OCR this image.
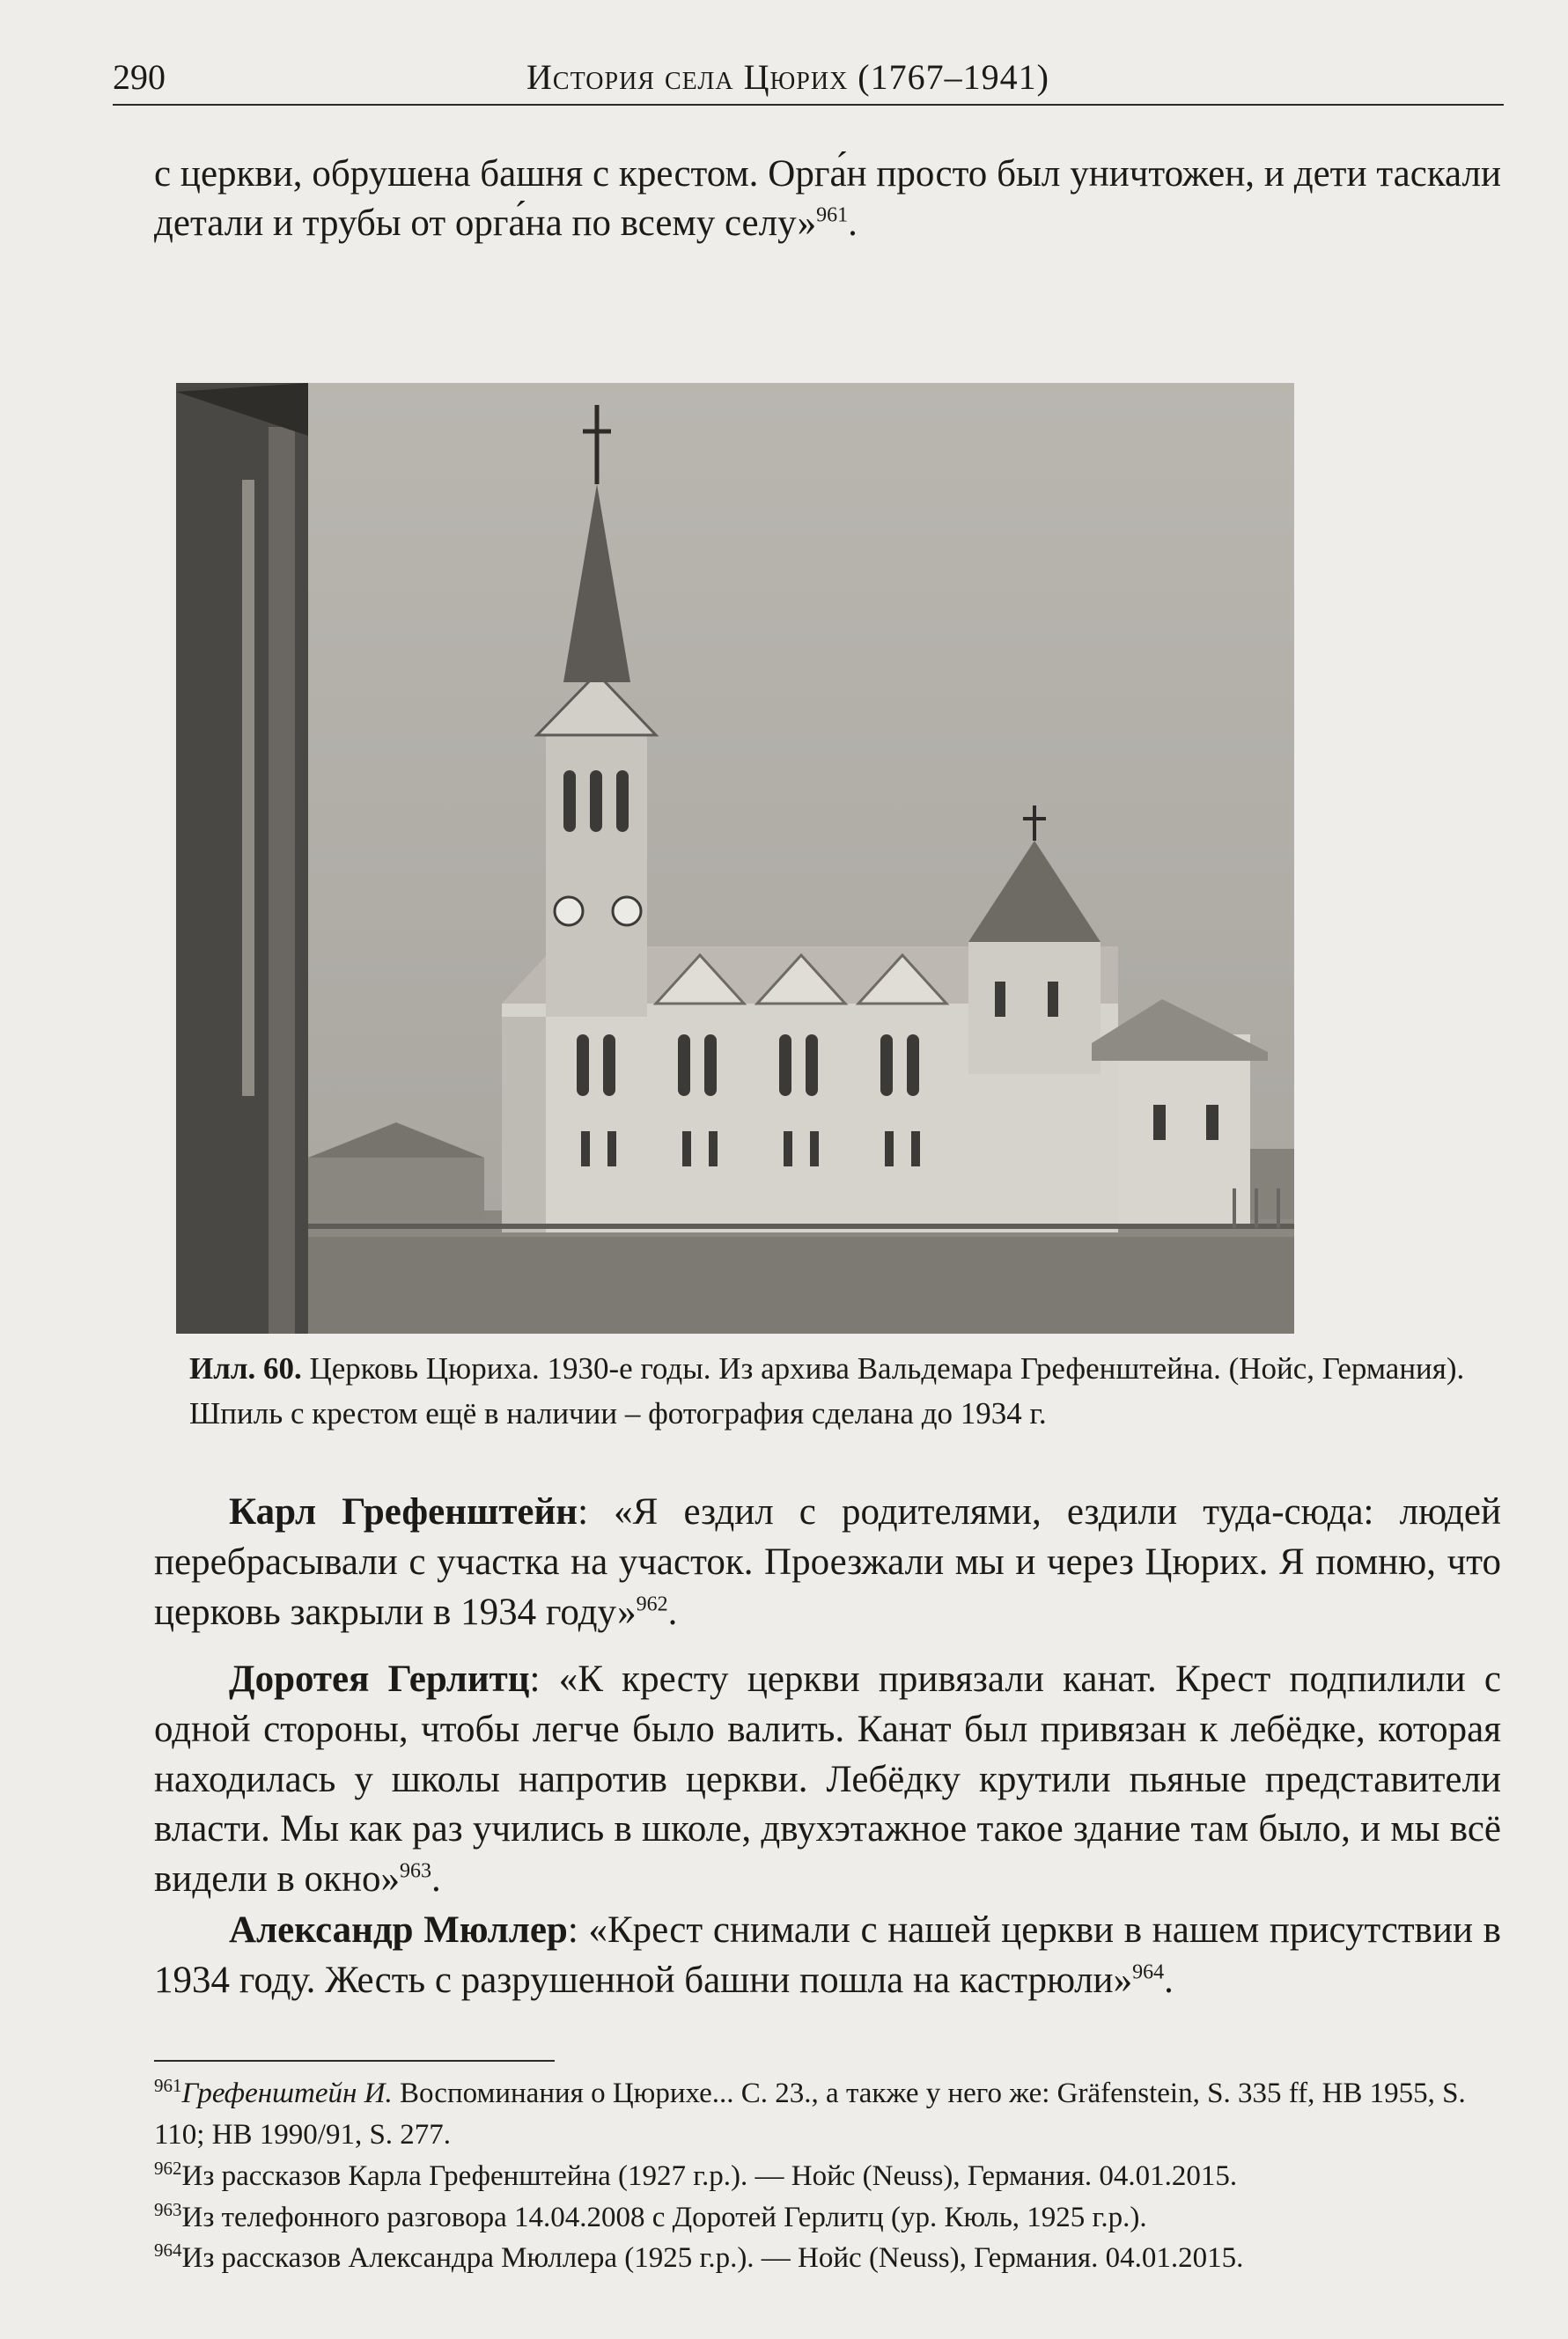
290	История села Цюрих (1767–1941)

с церкви, обрушена башня с крестом. Орга́н просто был уничтожен, и дети таскали детали и трубы от орга́на по всему селу»$^{961}$.

Илл. 60. Церковь Цюриха. 1930-е годы. Из архива Вальдемара Грефенштейна. (Нойс, Германия). Шпиль с крестом ещё в наличии – фотография сделана до 1934 г.

Карл Грефенштейн: «Я ездил с родителями, ездили туда-сюда: людей перебрасывали с участка на участок. Проезжали мы и через Цюрих. Я помню, что церковь закрыли в 1934 году»$^{962}$.

Доротея Герлитц: «К кресту церкви привязали канат. Крест подпилили с одной стороны, чтобы легче было валить. Канат был привязан к лебёдке, которая находилась у школы напротив церкви. Лебёдку крутили пьяные представители власти. Мы как раз учились в школе, двухэтажное такое здание там было, и мы всё видели в окно»$^{963}$.

Александр Мюллер: «Крест снимали с нашей церкви в нашем присутствии в 1934 году. Жесть с разрушенной башни пошла на кастрюли»$^{964}$.

$^{961}$Грефенштейн И. Воспоминания о Цюрихе... С. 23., а также у него же: Gräfenstein, S. 335 ff, HB 1955, S. 110; HB 1990/91, S. 277.

$^{962}$Из рассказов Карла Грефенштейна (1927 г.р.). — Нойс (Neuss), Германия. 04.01.2015.

$^{963}$Из телефонного разговора 14.04.2008 с Доротей Герлитц (ур. Кюль, 1925 г.р.).

$^{964}$Из рассказов Александра Мюллера (1925 г.р.). — Нойс (Neuss), Германия. 04.01.2015.
